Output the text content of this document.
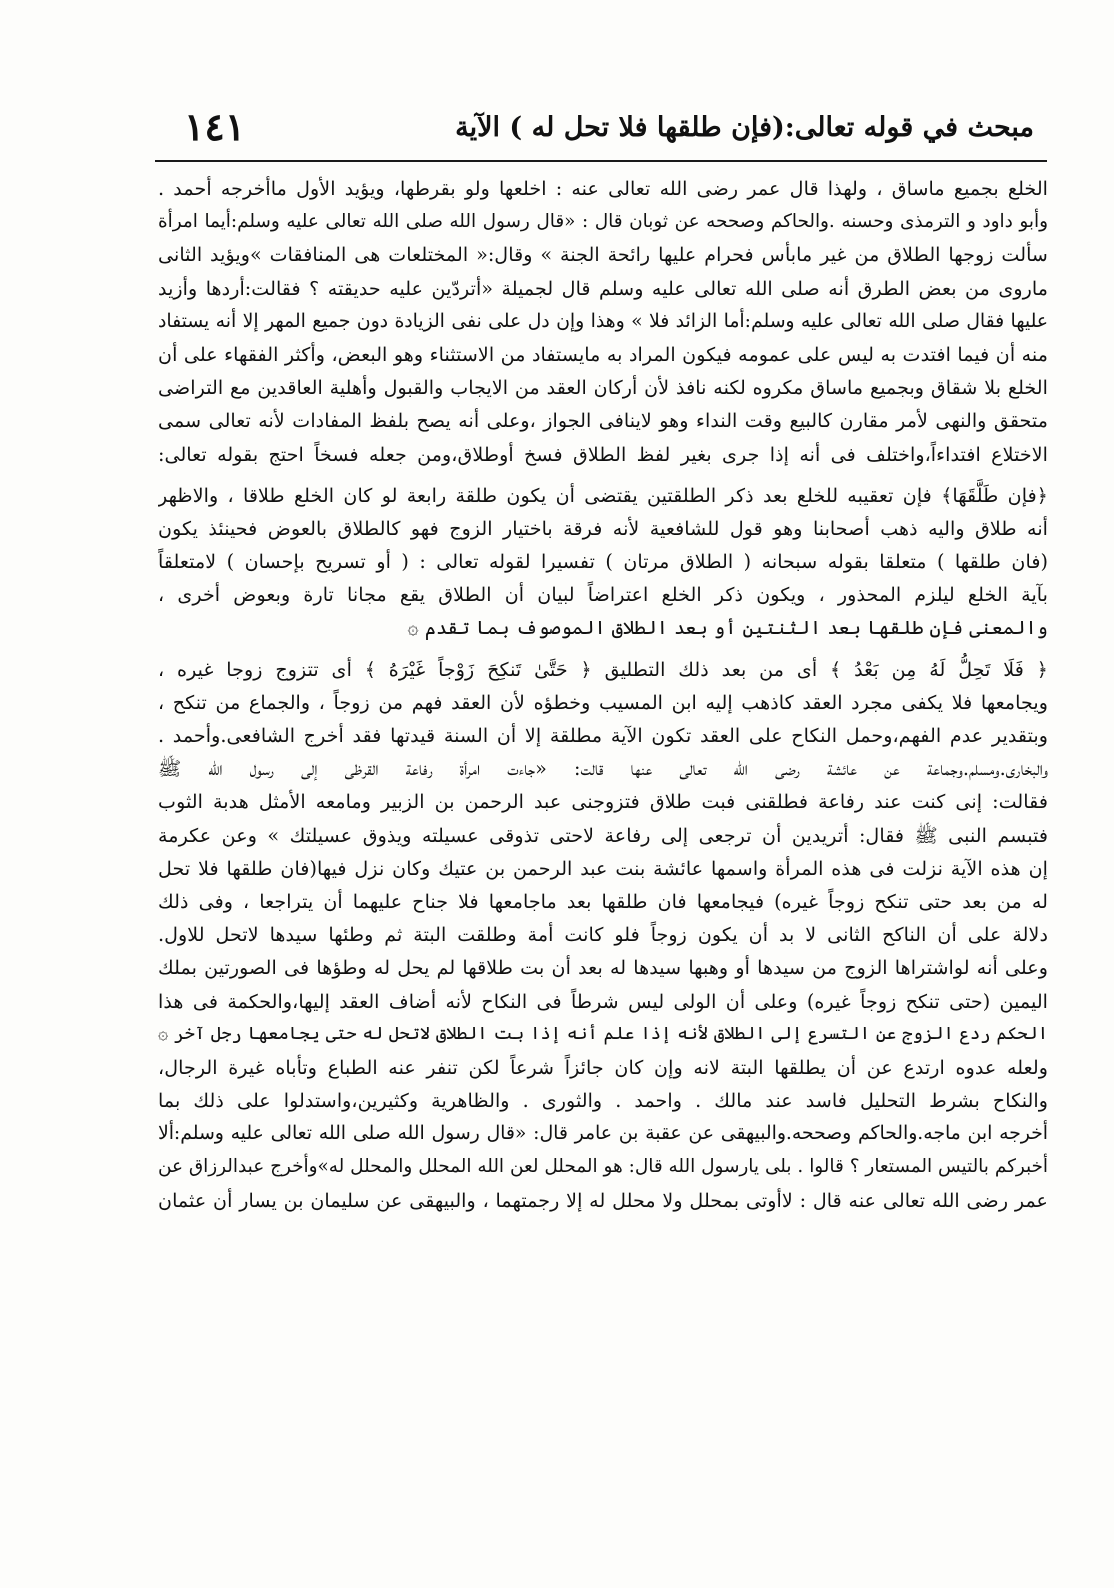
مبحث في قوله تعالى:(فإن طلقها فلا تحل له ) الآية
١٤١
الخلع بجميع ماساق ، ولهذا قال عمر رضى الله تعالى عنه : اخلعها ولو بقرطها، ويؤيد الأول ماأخرجه أحمد .
وأبو داود و الترمذى وحسنه .والحاكم وصححه عن ثوبان قال : «قال رسول الله صلى الله تعالى عليه وسلم:أيما امرأة
سألت زوجها الطلاق من غير مابأس فحرام عليها رائحة الجنة » وقال:« المختلعات هى المنافقات »ويؤيد الثانى
ماروى من بعض الطرق أنه صلى الله تعالى عليه وسلم قال لجميلة «أتردّين عليه حديقته ؟ فقالت:أردها وأزيد
عليها فقال صلى الله تعالى عليه وسلم:أما الزائد فلا » وهذا وإن دل على نفى الزيادة دون جميع المهر إلا أنه يستفاد
منه أن فيما افتدت به ليس على عمومه فيكون المراد به مايستفاد من الاستثناء وهو البعض، وأكثر الفقهاء على أن
الخلع بلا شقاق وبجميع ماساق مكروه لكنه نافذ لأن أركان العقد من الايجاب والقبول وأهلية العاقدين مع التراضى
متحقق والنهى لأمر مقارن كالبيع وقت النداء وهو لاينافى الجواز ،وعلى أنه يصح بلفظ المفادات لأنه تعالى سمى
الاختلاع افتداءاً،واختلف فى أنه إذا جرى بغير لفظ الطلاق فسخ أوطلاق،ومن جعله فسخاً احتج بقوله تعالى:
﴿فإن طَلَّقَهَا﴾ فإن تعقيبه للخلع بعد ذكر الطلقتين يقتضى أن يكون طلقة رابعة لو كان الخلع طلاقا ، والاظهر
أنه طلاق واليه ذهب أصحابنا وهو قول للشافعية لأنه فرقة باختيار الزوج فهو كالطلاق بالعوض فحينئذ يكون
(فان طلقها ) متعلقا بقوله سبحانه ( الطلاق مرتان ) تفسيرا لقوله تعالى : ( أو تسريح بإحسان ) لامتعلقاً
بآية الخلع ليلزم المحذور ، ويكون ذكر الخلع اعتراضاً لبيان أن الطلاق يقع مجانا تارة وبعوض أخرى ،
والمعنى فإن طلقها بعد الثنتين أو بعد الطلاق الموصوف بما تقدم ۞
﴿ فَلَا تَحِلُّ لَهُ مِن بَعْدُ ﴾ أى من بعد ذلك التطليق ﴿ حَتَّىٰ تَنكِحَ زَوْجاً غَيْرَهُ ﴾ أى تتزوج زوجا غيره ،
ويجامعها فلا يكفى مجرد العقد كاذهب إليه ابن المسيب وخطؤه لأن العقد فهم من زوجاً ، والجماع من تنكح ،
وبتقدير عدم الفهم،وحمل النكاح على العقد تكون الآية مطلقة إلا أن السنة قيدتها فقد أخرج الشافعى.وأحمد .
والبخارى.ومسلم.وجماعة عن عائشة رضى الله تعالى عنها قالت: «جاءت امرأة رفاعة القرظى إلى رسول الله ﷺ
فقالت: إنى كنت عند رفاعة فطلقنى فبت طلاق فتزوجنى عبد الرحمن بن الزبير ومامعه الأمثل هدبة الثوب
فتبسم النبى ﷺ فقال: أتريدين أن ترجعى إلى رفاعة لاحتى تذوقى عسيلته ويذوق عسيلتك » وعن عكرمة
إن هذه الآية نزلت فى هذه المرأة واسمها عائشة بنت عبد الرحمن بن عتيك وكان نزل فيها(فان طلقها فلا تحل
له من بعد حتى تنكح زوجاً غيره) فيجامعها فان طلقها بعد ماجامعها فلا جناح عليهما أن يتراجعا ، وفى ذلك
دلالة على أن الناكح الثانى لا بد أن يكون زوجاً فلو كانت أمة وطلقت البتة ثم وطئها سيدها لاتحل للاول.
وعلى أنه لواشتراها الزوج من سيدها أو وهبها سيدها له بعد أن بت طلاقها لم يحل له وطؤها فى الصورتين بملك
اليمين (حتى تنكح زوجاً غيره) وعلى أن الولى ليس شرطاً فى النكاح لأنه أضاف العقد إليها،والحكمة فى هذا
الحكم ردع الزوج عن التسرع إلى الطلاق لأنه إذا علم أنه إذا بت الطلاق لاتحل له حتى يجامعها رجل آخر ۞
ولعله عدوه ارتدع عن أن يطلقها البتة لانه وإن كان جائزاً شرعاً لكن تنفر عنه الطباع وتأباه غيرة الرجال،
والنكاح بشرط التحليل فاسد عند مالك . واحمد . والثورى . والظاهرية وكثيرين،واستدلوا على ذلك بما
أخرجه ابن ماجه.والحاكم وصححه.والبيهقى عن عقبة بن عامر قال: «قال رسول الله صلى الله تعالى عليه وسلم:ألا
أخبركم بالتيس المستعار ؟ قالوا . بلى يارسول الله قال: هو المحلل لعن الله المحلل والمحلل له»وأخرج عبدالرزاق عن
عمر رضى الله تعالى عنه قال : لاأوتى بمحلل ولا محلل له إلا رجمتهما ، والبيهقى عن سليمان بن يسار أن عثمان
